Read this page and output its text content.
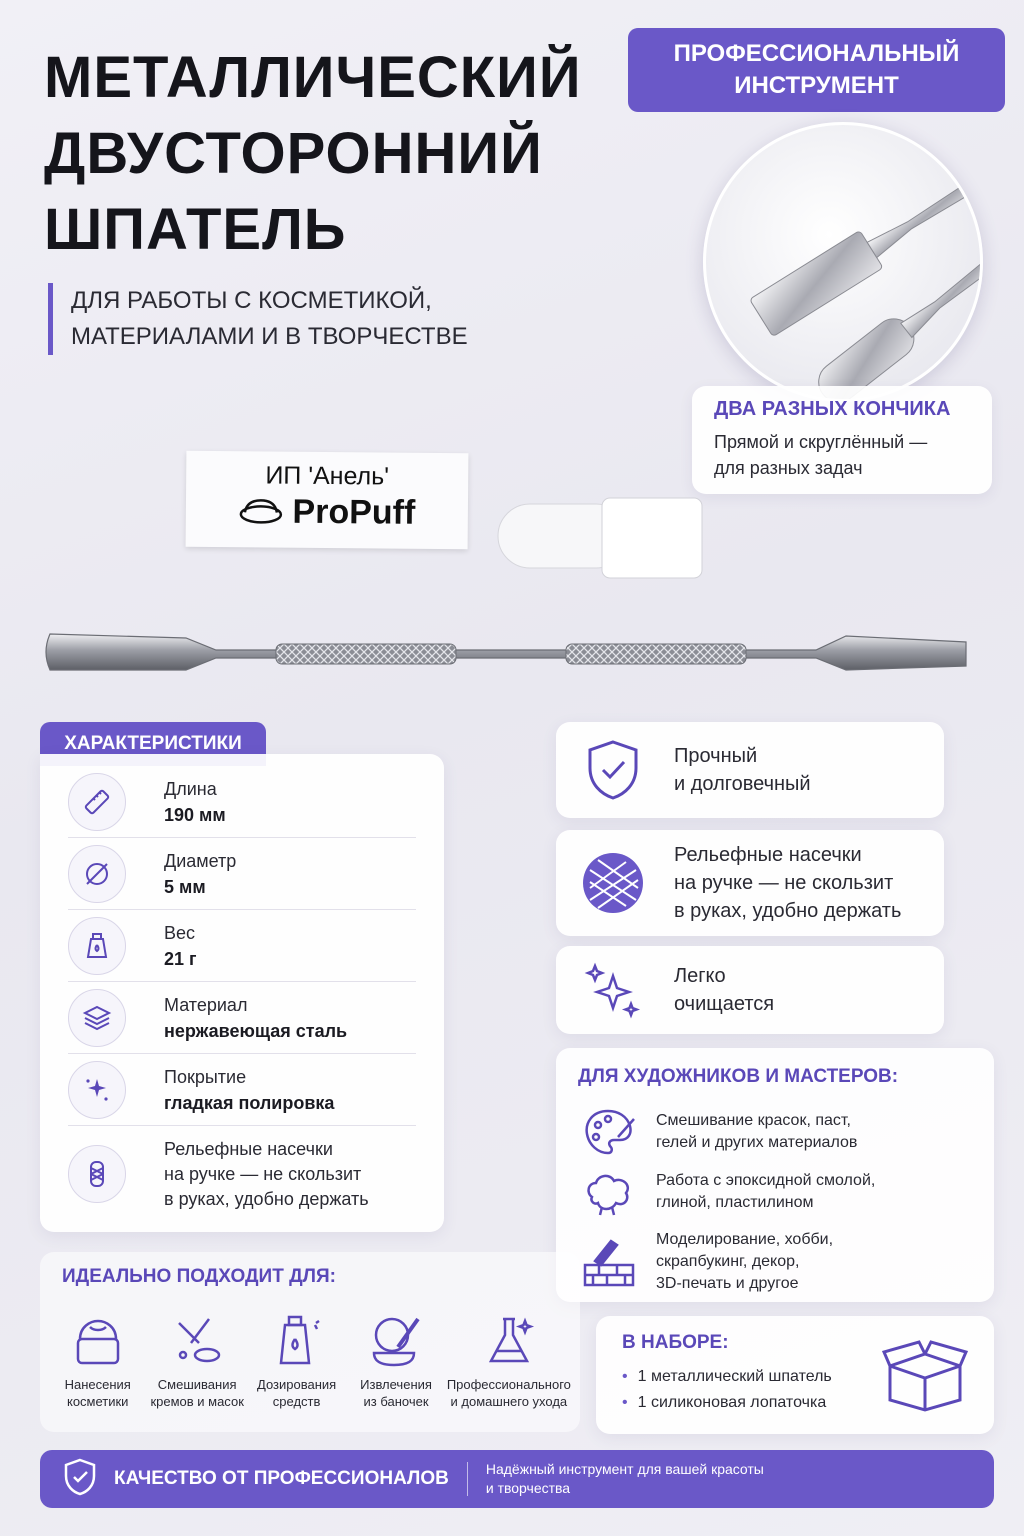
МЕТАЛЛИЧЕСКИЙ
ДВУСТОРОННИЙ
ШПАТЕЛЬ
ДЛЯ РАБОТЫ С КОСМЕТИКОЙ,
МАТЕРИАЛАМИ И В ТВОРЧЕСТВЕ
ПРОФЕССИОНАЛЬНЫЙ
ИНСТРУМЕНТ
ДВА РАЗНЫХ КОНЧИКА
Прямой и скруглённый —
для разных задач
ИП 'Анель'
ProPuff
ХАРАКТЕРИСТИКИ
Длина
190 мм
Диаметр
5 мм
Вес
21 г
Материал
нержавеющая сталь
Покрытие
гладкая полировка
Рельефные насечки
на ручке — не скользит
в руках, удобно держать
Прочный
и долговечный
Рельефные насечки
на ручке — не скользит
в руках, удобно держать
Легко
очищается
ДЛЯ ХУДОЖНИКОВ И МАСТЕРОВ:
Смешивание красок, паст,
гелей и других материалов
Работа с эпоксидной смолой,
глиной, пластилином
Моделирование, хобби,
скрапбукинг, декор,
3D-печать и другое
ИДЕАЛЬНО ПОДХОДИТ ДЛЯ:
Нанесения
косметики
Смешивания
кремов и масок
Дозирования
средств
Извлечения
из баночек
Профессионального
и домашнего ухода
В НАБОРЕ:
• 1 металлический шпатель
• 1 силиконовая лопаточка
КАЧЕСТВО ОТ ПРОФЕССИОНАЛОВ	Надёжный инструмент для вашей красоты
и творчества
